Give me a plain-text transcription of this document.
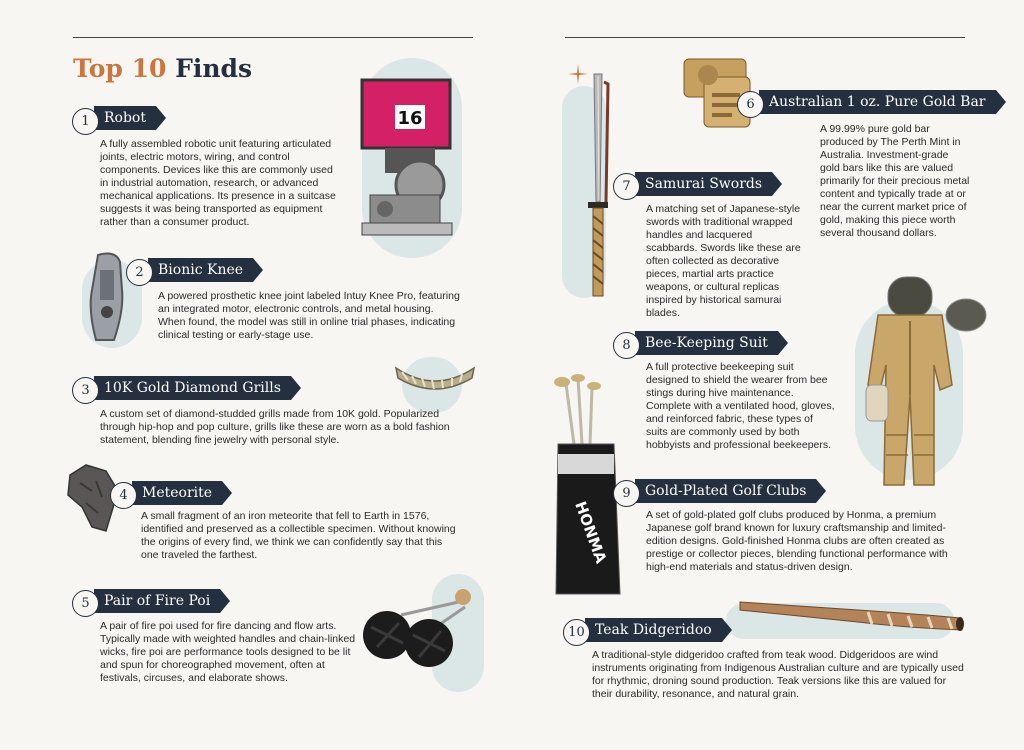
Top 10 Finds
16
1	Robot
A fully assembled robotic unit featuring articulated joints, electric motors, wiring, and control components. Devices like this are commonly used in industrial automation, research, or advanced mechanical applications. Its presence in a suitcase suggests it was being transported as equipment rather than a consumer product.
2	Bionic Knee
A powered prosthetic knee joint labeled Intuy Knee Pro, featuring an integrated motor, electronic controls, and metal housing. When found, the model was still in online trial phases, indicating clinical testing or early-stage use.
3	10K Gold Diamond Grills
A custom set of diamond-studded grills made from 10K gold. Popularized through hip-hop and pop culture, grills like these are worn as a bold fashion statement, blending fine jewelry with personal style.
4	Meteorite
A small fragment of an iron meteorite that fell to Earth in 1576, identified and preserved as a collectible specimen. Without knowing the origins of every find, we think we can confidently say that this one traveled the farthest.
5	Pair of Fire Poi
A pair of fire poi used for fire dancing and flow arts. Typically made with weighted handles and chain-linked wicks, fire poi are performance tools designed to be lit and spun for choreographed movement, often at festivals, circuses, and elaborate shows.
6	Australian 1 oz. Pure Gold Bar
A 99.99% pure gold bar produced by The Perth Mint in Australia. Investment-grade gold bars like this are valued primarily for their precious metal content and typically trade at or near the current market price of gold, making this piece worth several thousand dollars.
7	Samurai Swords
A matching set of Japanese-style swords with traditional wrapped handles and lacquered scabbards. Swords like these are often collected as decorative pieces, martial arts practice weapons, or cultural replicas inspired by historical samurai blades.
8	Bee-Keeping Suit
A full protective beekeeping suit designed to shield the wearer from bee stings during hive maintenance. Complete with a ventilated hood, gloves, and reinforced fabric, these types of suits are commonly used by both hobbyists and professional beekeepers.
HONMA
9	Gold-Plated Golf Clubs
A set of gold-plated golf clubs produced by Honma, a premium Japanese golf brand known for luxury craftsmanship and limited-edition designs. Gold-finished Honma clubs are often created as prestige or collector pieces, blending functional performance with high-end materials and status-driven design.
10 Teak Didgeridoo
A traditional-style didgeridoo crafted from teak wood. Didgeridoos are wind instruments originating from Indigenous Australian culture and are typically used for rhythmic, droning sound production. Teak versions like this are valued for their durability, resonance, and natural grain.
